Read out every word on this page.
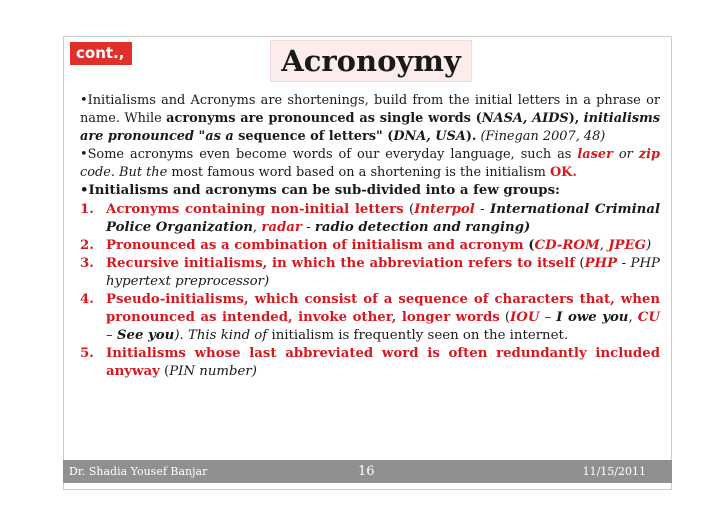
cont.,	Acronoymy

•Initialisms and Acronyms are shortenings, build from the initial letters in a phrase or name. While acronyms are pronounced as single words (NASA, AIDS), initialisms are pronounced "as a sequence of letters" (DNA, USA). (Finegan 2007, 48)

•Some acronyms even become words of our everyday language, such as laser or zip code. But the most famous word based on a shortening is the initialism OK.

•Initialisms and acronyms can be sub-divided into a few groups:

1. Acronyms containing non-initial letters (Interpol - International Criminal Police Organization, radar - radio detection and ranging)
2. Pronounced as a combination of initialism and acronym (CD-ROM, JPEG)
3. Recursive initialisms, in which the abbreviation refers to itself (PHP - PHP hypertext preprocessor)
4. Pseudo-initialisms, which consist of a sequence of characters that, when pronounced as intended, invoke other, longer words (IOU – I owe you, CU – See you). This kind of initialism is frequently seen on the internet.
5. Initialisms whose last abbreviated word is often redundantly included anyway (PIN number)
Dr. Shadia Yousef Banjar	16	11/15/2011
